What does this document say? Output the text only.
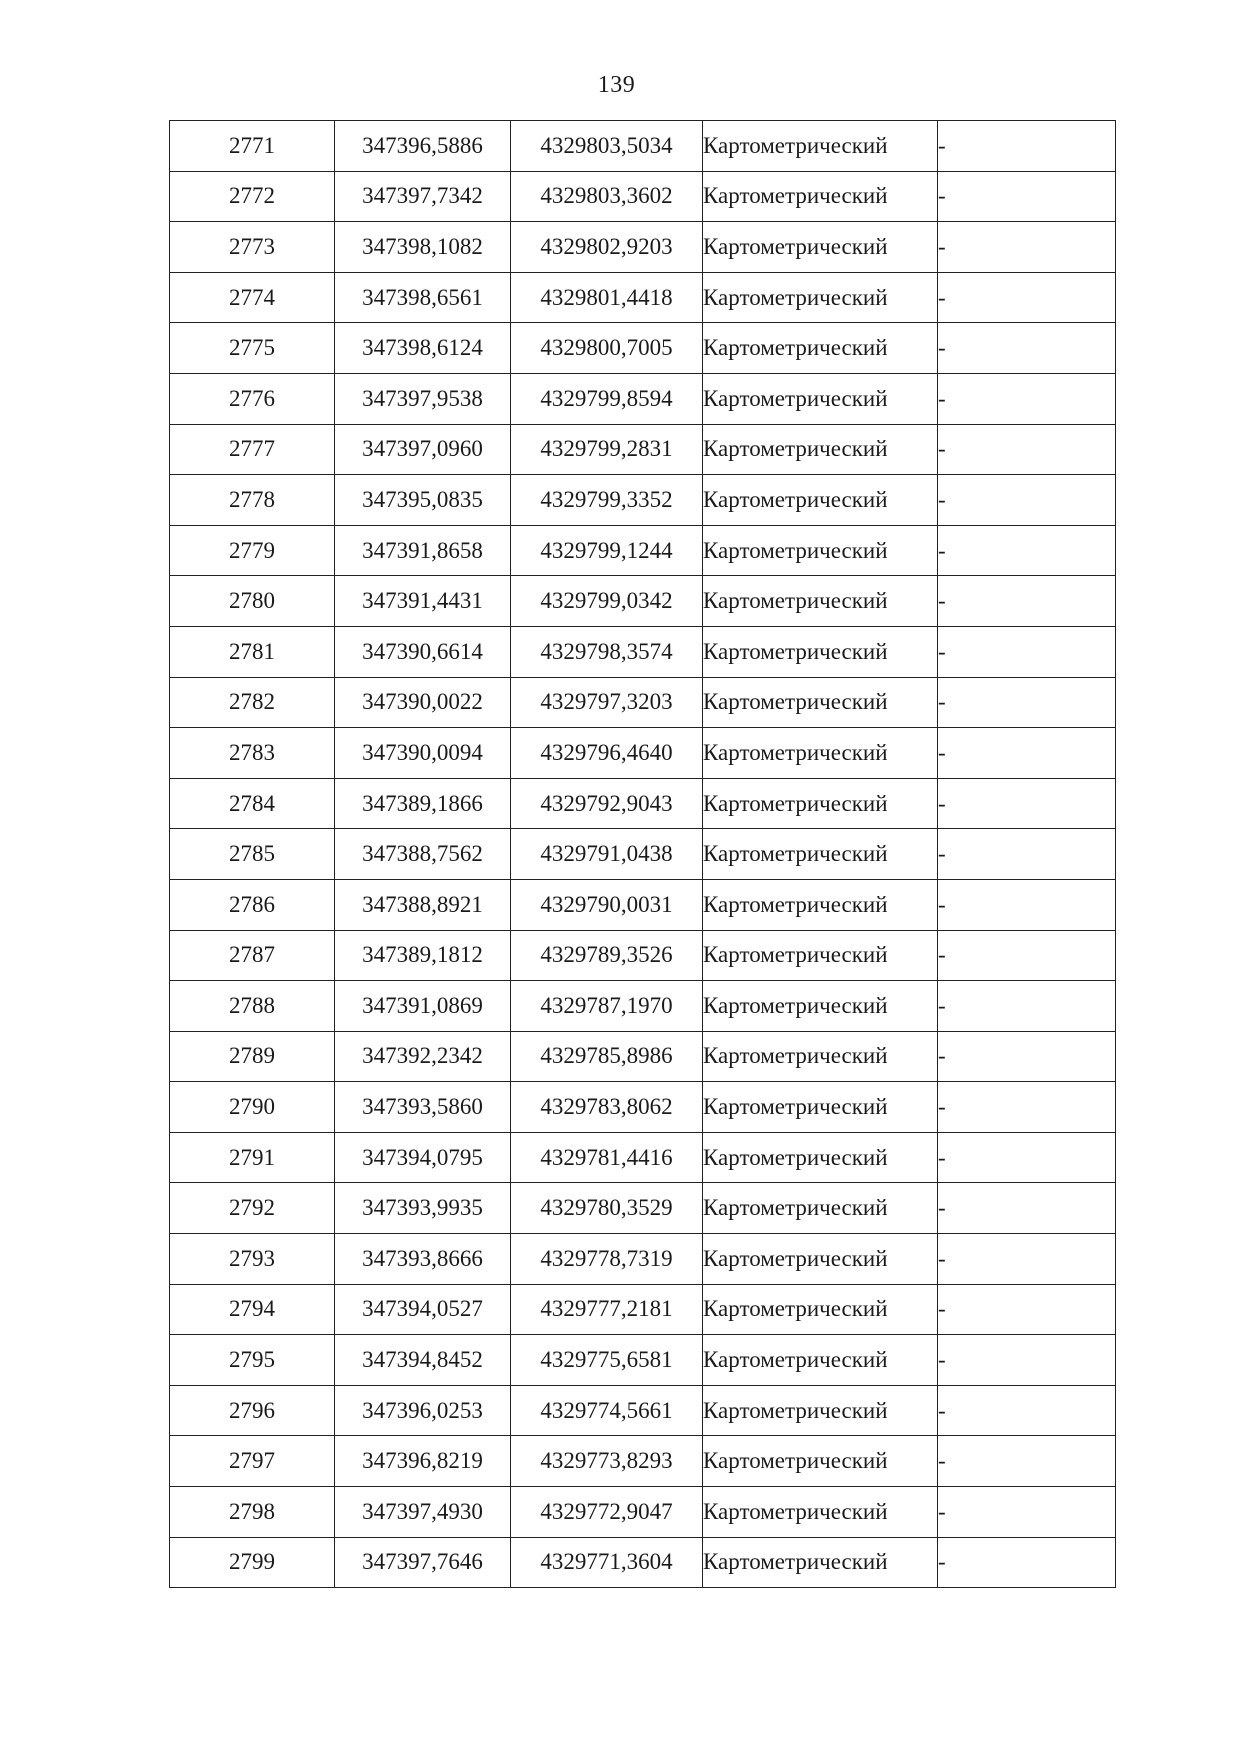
139
2771	347396,5886	4329803,5034	Картометрический	-
2772	347397,7342	4329803,3602	Картометрический	-
2773	347398,1082	4329802,9203	Картометрический	-
2774	347398,6561	4329801,4418	Картометрический	-
2775	347398,6124	4329800,7005	Картометрический	-
2776	347397,9538	4329799,8594	Картометрический	-
2777	347397,0960	4329799,2831	Картометрический	-
2778	347395,0835	4329799,3352	Картометрический	-
2779	347391,8658	4329799,1244	Картометрический	-
2780	347391,4431	4329799,0342	Картометрический	-
2781	347390,6614	4329798,3574	Картометрический	-
2782	347390,0022	4329797,3203	Картометрический	-
2783	347390,0094	4329796,4640	Картометрический	-
2784	347389,1866	4329792,9043	Картометрический	-
2785	347388,7562	4329791,0438	Картометрический	-
2786	347388,8921	4329790,0031	Картометрический	-
2787	347389,1812	4329789,3526	Картометрический	-
2788	347391,0869	4329787,1970	Картометрический	-
2789	347392,2342	4329785,8986	Картометрический	-
2790	347393,5860	4329783,8062	Картометрический	-
2791	347394,0795	4329781,4416	Картометрический	-
2792	347393,9935	4329780,3529	Картометрический	-
2793	347393,8666	4329778,7319	Картометрический	-
2794	347394,0527	4329777,2181	Картометрический	-
2795	347394,8452	4329775,6581	Картометрический	-
2796	347396,0253	4329774,5661	Картометрический	-
2797	347396,8219	4329773,8293	Картометрический	-
2798	347397,4930	4329772,9047	Картометрический	-
2799	347397,7646	4329771,3604	Картометрический	-
